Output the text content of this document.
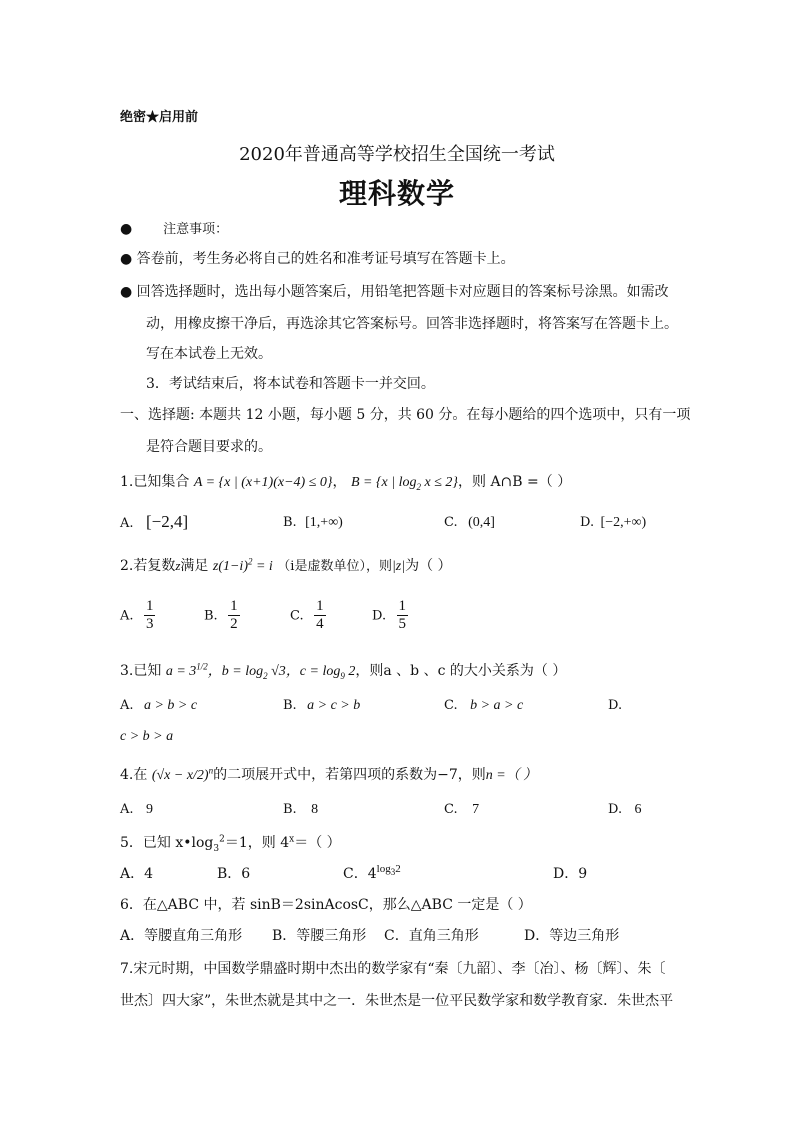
绝密★启用前
2020年普通高等学校招生全国统一考试
理科数学
● 注意事项：
● 答卷前，考生务必将自己的姓名和准考证号填写在答题卡上。
● 回答选择题时，选出每小题答案后，用铅笔把答题卡对应题目的答案标号涂黑。如需改
动，用橡皮擦干净后，再选涂其它答案标号。回答非选择题时，将答案写在答题卡上。
写在本试卷上无效。
3．考试结束后，将本试卷和答题卡一并交回。
一、选择题: 本题共 12 小题，每小题 5 分，共 60 分。在每小题给的四个选项中，只有一项
是符合题目要求的。
1.已知集合 A = {x | (x+1)(x−4) ≤ 0}， B = {x | $\log_2 x \le 2$}，则 A∩B =（ ）
A. [−2,4]	B. [1,+∞)	C. (0,4]	D. [−2,+∞)
2.若复数z满足 $z(1-i)^2 = i$ （i是虚数单位），则|z|为（ ）
A. $\frac{1}{3}$	B. $\frac{1}{2}$	C. $\frac{1}{4}$	D. $\frac{1}{5}$
3.已知 $a = 3^{1/2}$，$b = \log_2 √3$，$c = \log_9 2$，则a 、b 、c 的大小关系为（ ）
A. a > b > c	B. a > c > b	C. b > a > c	D.
c > b > a
4.在 $(√x - x/2)^n$的二项展开式中，若第四项的系数为−7，则n =（ ）
A. 9	B. 8	C. 7	D. 6
5．已知 $x•\log_3^2=1$，则 $4^x=$（ ）
A．4	B．6	C．$4^{log_32}$	D．9
6．在△ABC 中，若 sinB＝2sinAcosC，那么△ABC 一定是（ ）
A．等腰直角三角形 B．等腰三角形 C．直角三角形	D．等边三角形
7.宋元时期，中国数学鼎盛时期中杰出的数学家有“秦〔九韶〕、李〔冶〕、杨〔辉〕、朱〔
世杰〕四大家”，朱世杰就是其中之一．朱世杰是一位平民数学家和数学教育家．朱世杰平
